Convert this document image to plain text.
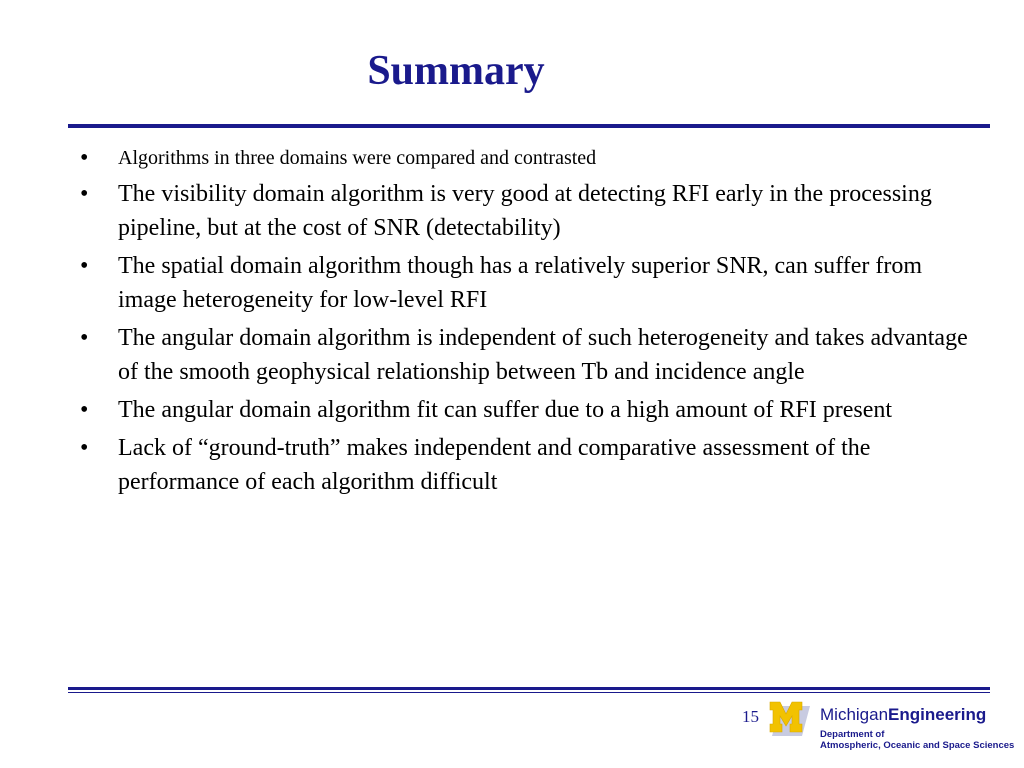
Summary
•	Algorithms in three domains were compared and contrasted
•	The visibility domain algorithm is very good at detecting RFI early in the processing pipeline, but at the cost of SNR (detectability)
•	The spatial domain algorithm though has a relatively superior SNR, can suffer from image heterogeneity for low-level RFI
•	The angular domain algorithm is independent of such heterogeneity and takes advantage of the smooth geophysical relationship between Tb and incidence angle
•	The angular domain algorithm fit can suffer due to a high amount of RFI present
•	Lack of “ground-truth” makes independent and comparative assessment of the performance of each algorithm difficult
15	MichiganEngineering
Department of
Atmospheric, Oceanic and Space Sciences
